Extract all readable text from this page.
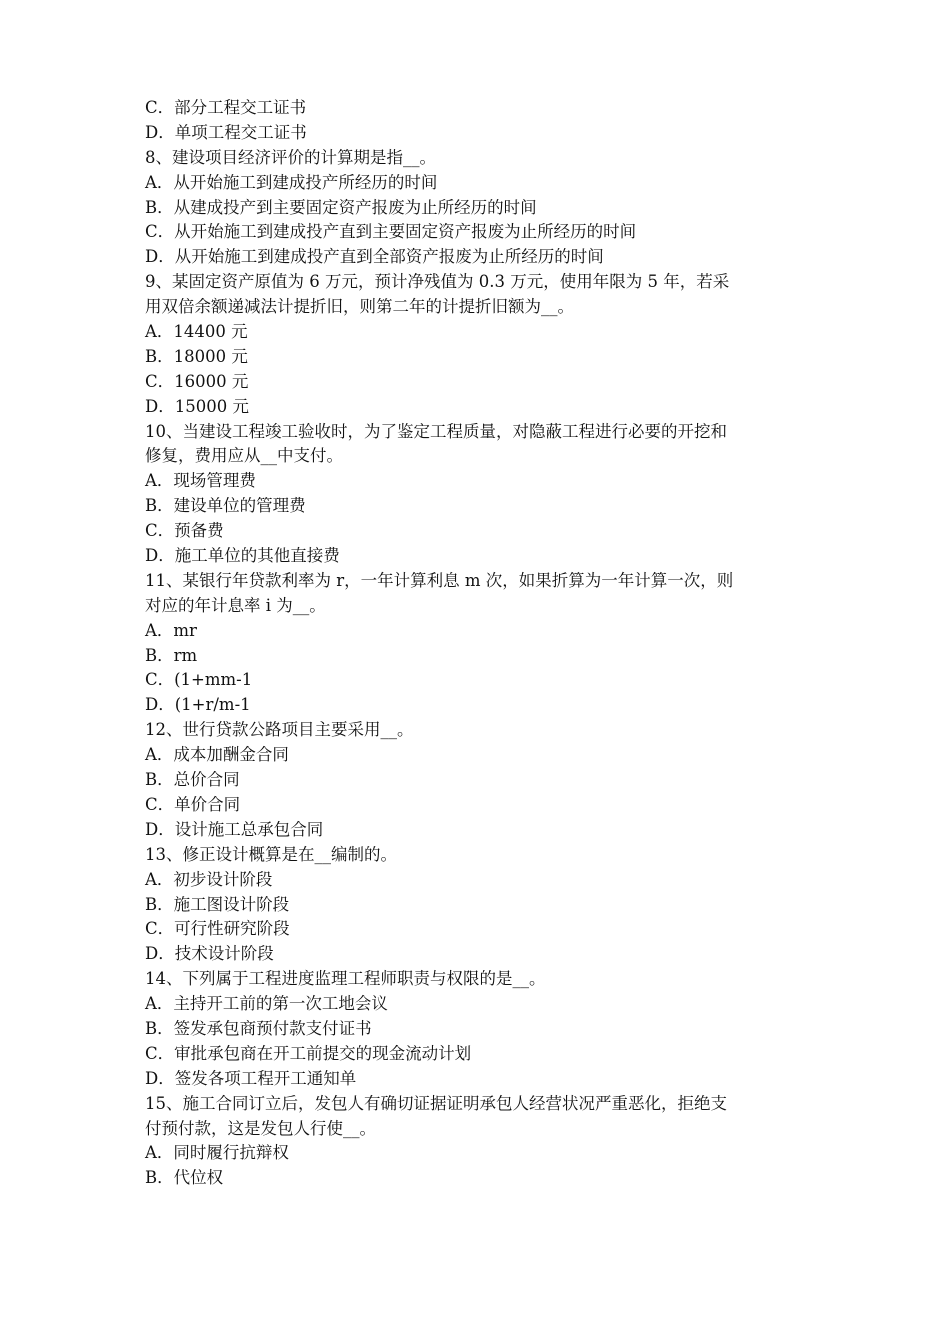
C．部分工程交工证书
D．单项工程交工证书
8、建设项目经济评价的计算期是指__。
A．从开始施工到建成投产所经历的时间
B．从建成投产到主要固定资产报废为止所经历的时间
C．从开始施工到建成投产直到主要固定资产报废为止所经历的时间
D．从开始施工到建成投产直到全部资产报废为止所经历的时间
9、某固定资产原值为 6 万元，预计净残值为 0.3 万元，使用年限为 5 年，若采
用双倍余额递减法计提折旧，则第二年的计提折旧额为__。
A．14400 元
B．18000 元
C．16000 元
D．15000 元
10、当建设工程竣工验收时，为了鉴定工程质量，对隐蔽工程进行必要的开挖和
修复，费用应从__中支付。
A．现场管理费
B．建设单位的管理费
C．预备费
D．施工单位的其他直接费
11、某银行年贷款利率为 r，一年计算利息 m 次，如果折算为一年计算一次，则
对应的年计息率 i 为__。
A．mr
B．rm
C．(1+mm-1
D．(1+r/m-1
12、世行贷款公路项目主要采用__。
A．成本加酬金合同
B．总价合同
C．单价合同
D．设计施工总承包合同
13、修正设计概算是在__编制的。
A．初步设计阶段
B．施工图设计阶段
C．可行性研究阶段
D．技术设计阶段
14、下列属于工程进度监理工程师职责与权限的是__。
A．主持开工前的第一次工地会议
B．签发承包商预付款支付证书
C．审批承包商在开工前提交的现金流动计划
D．签发各项工程开工通知单
15、施工合同订立后，发包人有确切证据证明承包人经营状况严重恶化，拒绝支
付预付款，这是发包人行使__。
A．同时履行抗辩权
B．代位权
